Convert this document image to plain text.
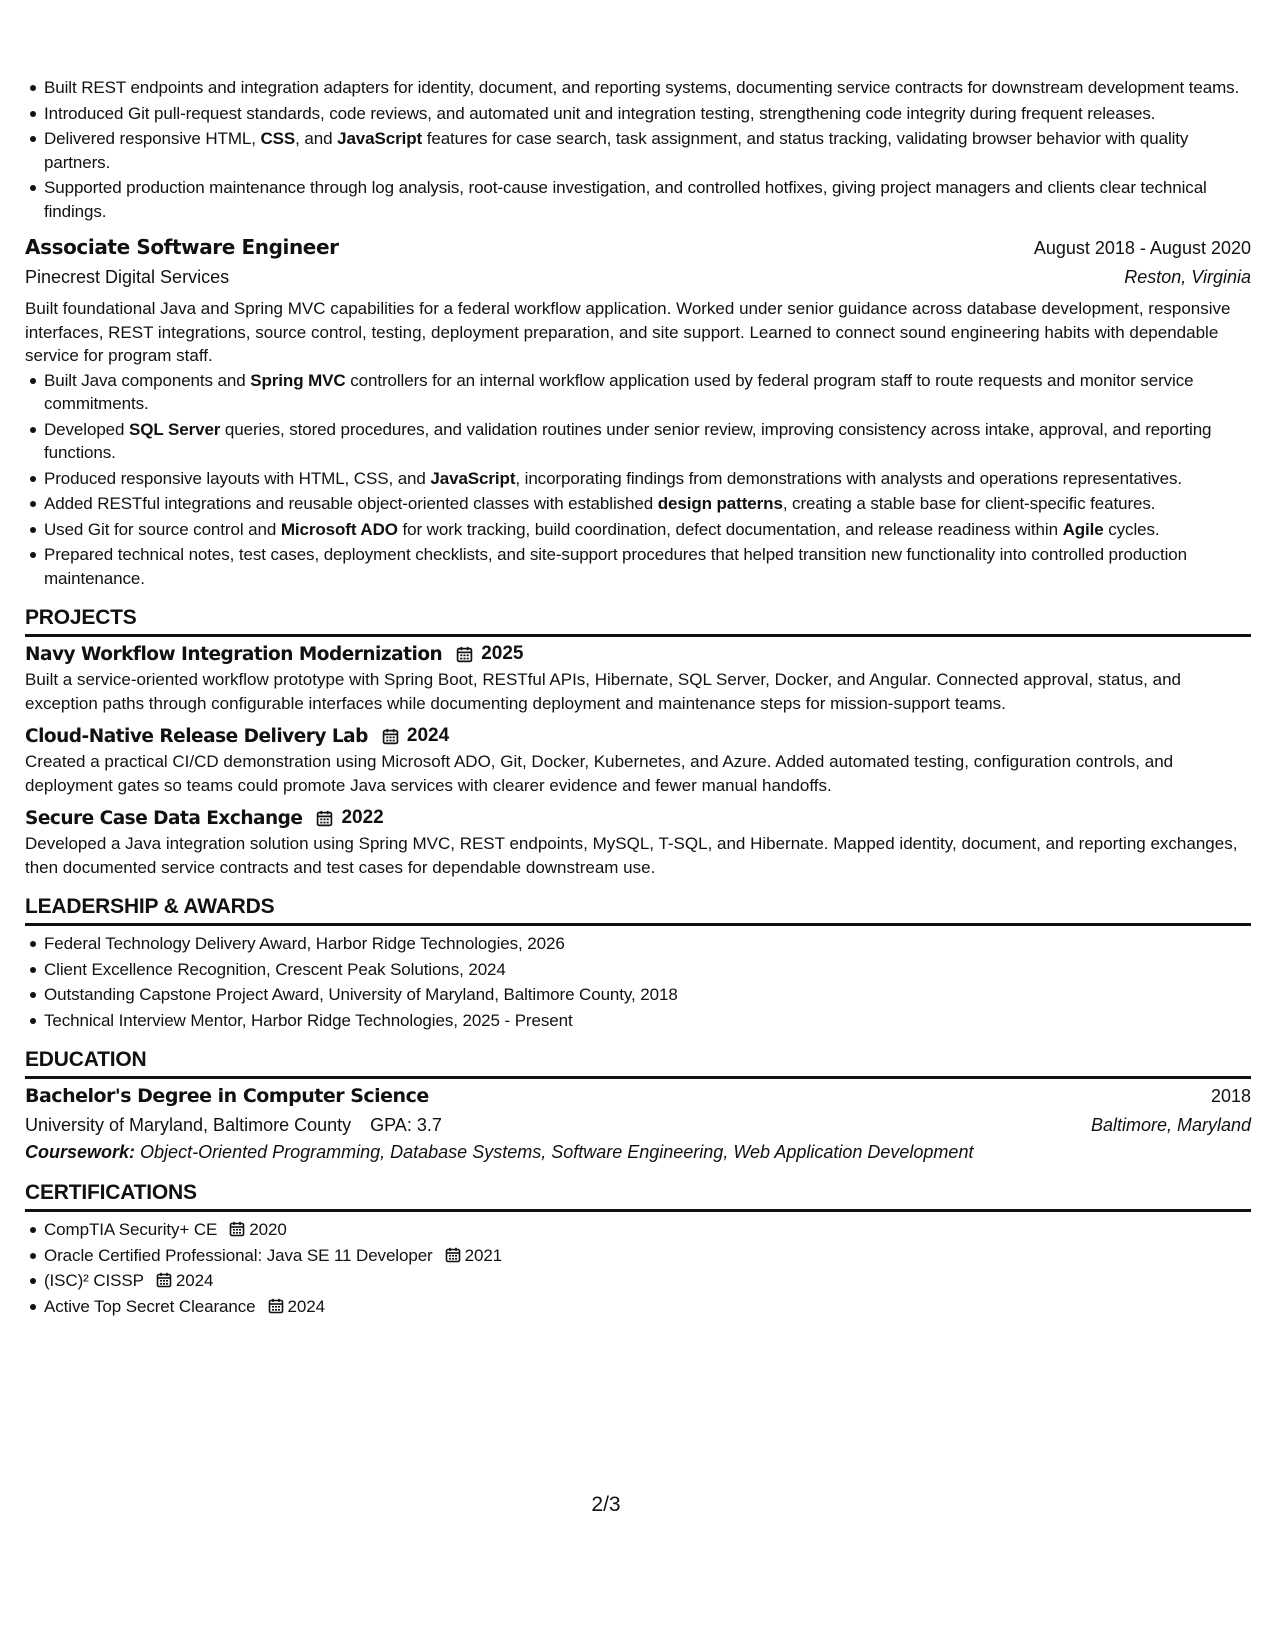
Built REST endpoints and integration adapters for identity, document, and reporting systems, documenting service contracts for downstream development teams.
Introduced Git pull-request standards, code reviews, and automated unit and integration testing, strengthening code integrity during frequent releases.
Delivered responsive HTML, CSS, and JavaScript features for case search, task assignment, and status tracking, validating browser behavior with quality partners.
Supported production maintenance through log analysis, root-cause investigation, and controlled hotfixes, giving project managers and clients clear technical findings.
Associate Software Engineer	August 2018 - August 2020
Pinecrest Digital Services	Reston, Virginia
Built foundational Java and Spring MVC capabilities for a federal workflow application. Worked under senior guidance across database development, responsive interfaces, REST integrations, source control, testing, deployment preparation, and site support. Learned to connect sound engineering habits with dependable service for program staff.
Built Java components and Spring MVC controllers for an internal workflow application used by federal program staff to route requests and monitor service commitments.
Developed SQL Server queries, stored procedures, and validation routines under senior review, improving consistency across intake, approval, and reporting functions.
Produced responsive layouts with HTML, CSS, and JavaScript, incorporating findings from demonstrations with analysts and operations representatives.
Added RESTful integrations and reusable object-oriented classes with established design patterns, creating a stable base for client-specific features.
Used Git for source control and Microsoft ADO for work tracking, build coordination, defect documentation, and release readiness within Agile cycles.
Prepared technical notes, test cases, deployment checklists, and site-support procedures that helped transition new functionality into controlled production maintenance.
PROJECTS
Navy Workflow Integration Modernization 2025
Built a service-oriented workflow prototype with Spring Boot, RESTful APIs, Hibernate, SQL Server, Docker, and Angular. Connected approval, status, and exception paths through configurable interfaces while documenting deployment and maintenance steps for mission-support teams.
Cloud-Native Release Delivery Lab 2024
Created a practical CI/CD demonstration using Microsoft ADO, Git, Docker, Kubernetes, and Azure. Added automated testing, configuration controls, and deployment gates so teams could promote Java services with clearer evidence and fewer manual handoffs.
Secure Case Data Exchange 2022
Developed a Java integration solution using Spring MVC, REST endpoints, MySQL, T-SQL, and Hibernate. Mapped identity, document, and reporting exchanges, then documented service contracts and test cases for dependable downstream use.
LEADERSHIP & AWARDS
Federal Technology Delivery Award, Harbor Ridge Technologies, 2026
Client Excellence Recognition, Crescent Peak Solutions, 2024
Outstanding Capstone Project Award, University of Maryland, Baltimore County, 2018
Technical Interview Mentor, Harbor Ridge Technologies, 2025 - Present
EDUCATION
Bachelor's Degree in Computer Science	2018
University of Maryland, Baltimore County GPA: 3.7	Baltimore, Maryland
Coursework: Object-Oriented Programming, Database Systems, Software Engineering, Web Application Development
CERTIFICATIONS
CompTIA Security+ CE 2020
Oracle Certified Professional: Java SE 11 Developer 2021
(ISC)² CISSP 2024
Active Top Secret Clearance 2024
2/3
